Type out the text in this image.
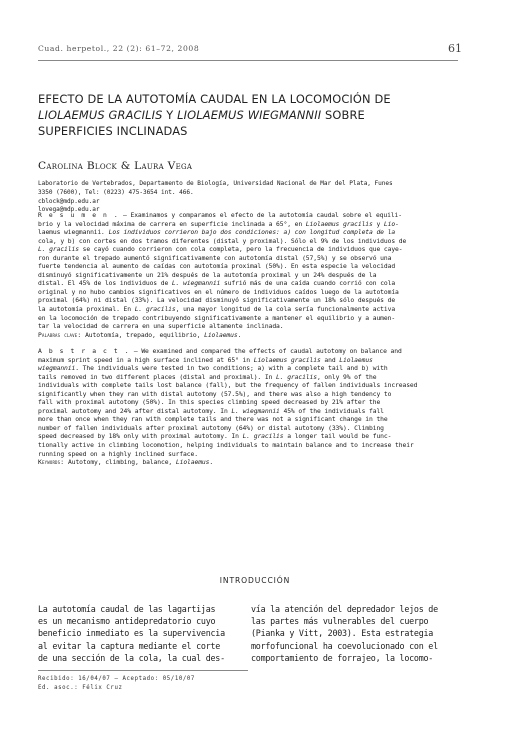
Cuad. herpetol., 22 (2): 61–72, 2008	61
EFECTO DE LA AUTOTOMÍA CAUDAL EN LA LOCOMOCIÓN DE
LIOLAEMUS GRACILIS Y LIOLAEMUS WIEGMANNII SOBRE
SUPERFICIES INCLINADAS
Carolina Block & Laura Vega
Laboratorio de Vertebrados, Departamento de Biología, Universidad Nacional de Mar del Plata, Funes
3350 (7600), Tel: (0223) 475-3654 int. 466.
cblock@mdp.edu.ar
lovega@mdp.edu.ar
R e s u m e n . — Examinamos y comparamos el efecto de la autotomía caudal sobre el equili-
brio y la velocidad máxima de carrera en superficie inclinada a 65°, en Liolaemus gracilis y Lio-
laemus wiegmannii. Los individuos corrieron bajo dos condiciones: a) con longitud completa de la
cola, y b) con cortes en dos tramos diferentes (distal y proximal). Sólo el 9% de los individuos de
L. gracilis se cayó cuando corrieron con cola completa, pero la frecuencia de individuos que caye-
ron durante el trepado aumentó significativamente con autotomía distal (57,5%) y se observó una
fuerte tendencia al aumento de caídas con autotomía proximal (50%). En esta especie la velocidad
disminuyó significativamente un 21% después de la autotomía proximal y un 24% después de la
distal. El 45% de los individuos de L. wiegmannii sufrió más de una caída cuando corrió con cola
original y no hubo cambios significativos en el número de individuos caídos luego de la autotomía
proximal (64%) ni distal (33%). La velocidad disminuyó significativamente un 18% sólo después de
la autotomía proximal. En L. gracilis, una mayor longitud de la cola sería funcionalmente activa
en la locomoción de trepado contribuyendo significativamente a mantener el equilibrio y a aumen-
tar la velocidad de carrera en una superficie altamente inclinada.
Palabras clave: Autotomía, trepado, equilibrio, Liolaemus.
A b s t r a c t . — We examined and compared the effects of caudal autotomy on balance and
maximum sprint speed in a high surface inclined at 65° in Liolaemus gracilis and Liolaemus
wiegmannii. The individuals were tested in two conditions; a) with a complete tail and b) with
tails removed in two different places (distal and proximal). In L. gracilis, only 9% of the
individuals with complete tails lost balance (fall), but the frequency of fallen individuals increased
significantly when they ran with distal autotomy (57.5%), and there was also a high tendency to
fall with proximal autotomy (50%). In this species climbing speed decreased by 21% after the
proximal autotomy and 24% after distal autotomy. In L. wiegmannii 45% of the individuals fall
more than once when they ran with complete tails and there was not a significant change in the
number of fallen individuals after proximal autotomy (64%) or distal autotomy (33%). Climbing
speed decreased by 18% only with proximal autotomy. In L. gracilis a longer tail would be func-
tionally active in climbing locomotion, helping individuals to maintain balance and to increase their
running speed on a highly inclined surface.
Keywords: Autotomy, climbing, balance, Liolaemus.
INTRODUCCIÓN
La autotomía caudal de las lagartijas
es un mecanismo antidepredatorio cuyo
beneficio inmediato es la supervivencia
al evitar la captura mediante el corte
de una sección de la cola, la cual des-
vía la atención del depredador lejos de
las partes más vulnerables del cuerpo
(Pianka y Vitt, 2003). Esta estrategia
morfofuncional ha coevolucionado con el
comportamiento de forrajeo, la locomo-
Recibido: 16/04/07 — Aceptado: 05/10/07
Ed. asoc.: Félix Cruz
